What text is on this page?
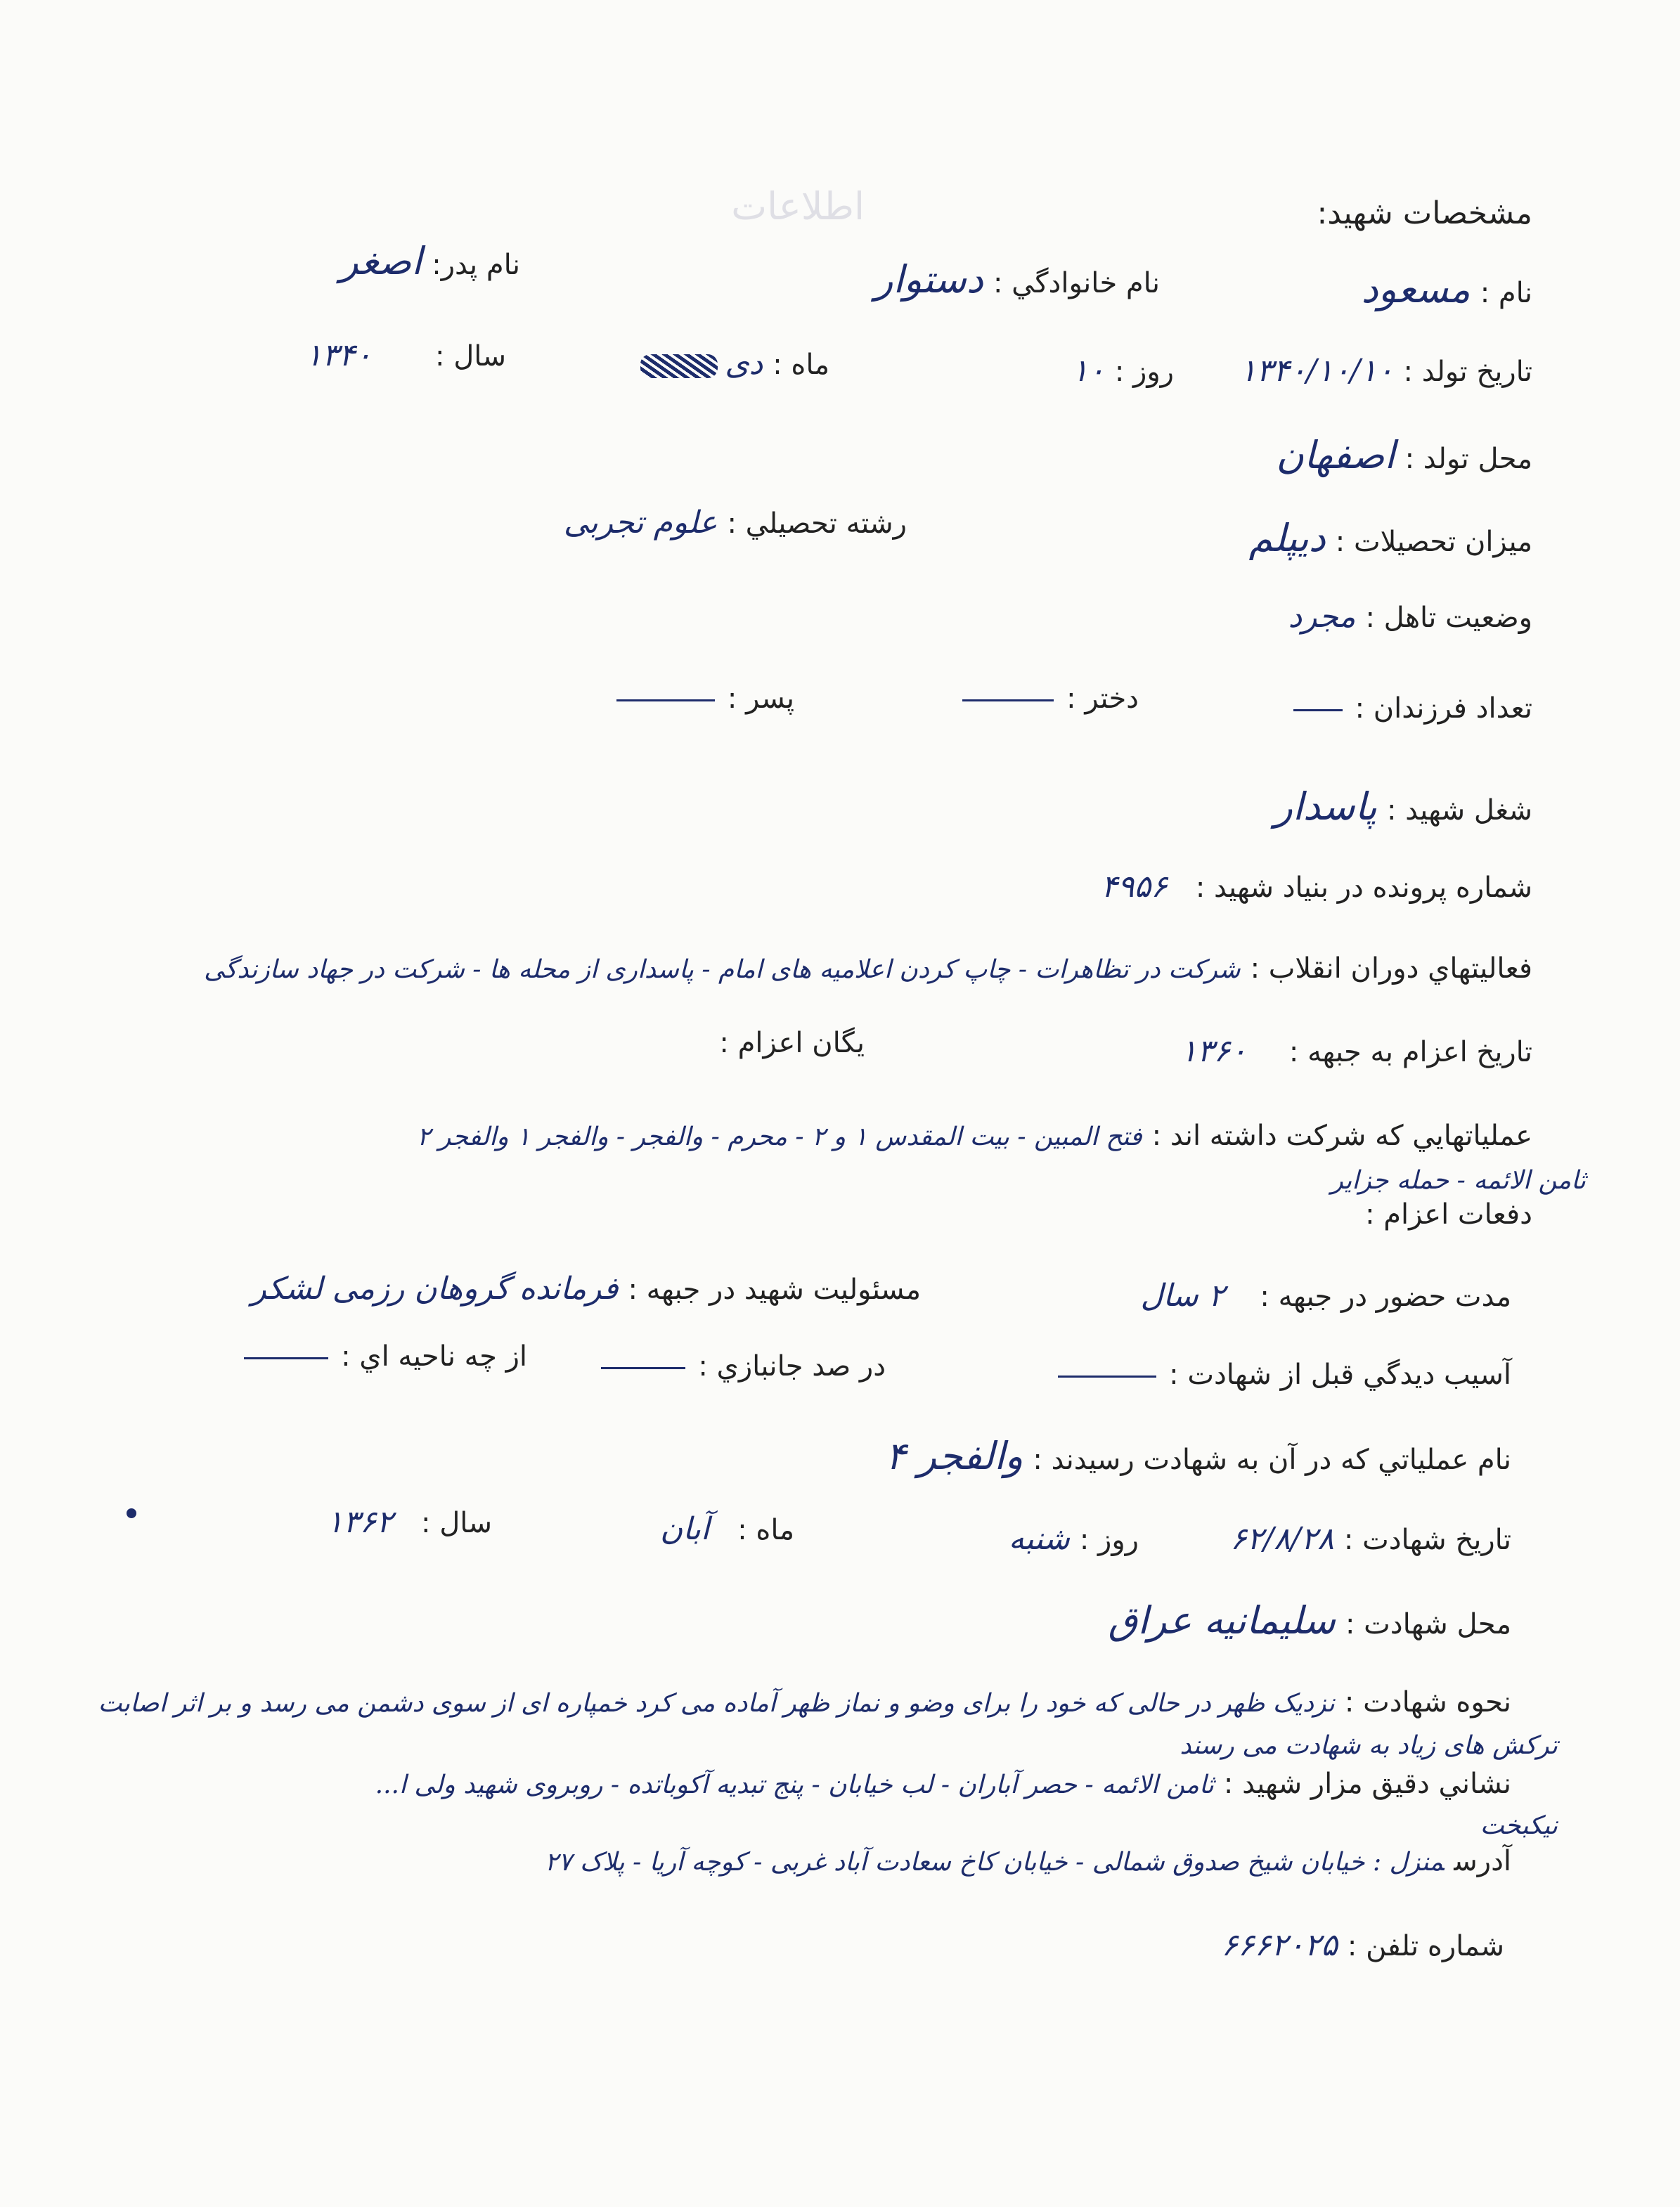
اطلاعات	مشخصات شهید:
نام :مسعود
نام خانوادگي :دستوار
نام پدر:اصغر
تاريخ تولد :۱۳۴۰/۱۰/۱۰
روز :۱۰
ماه :دی
سال :۱۳۴۰
محل تولد :اصفهان
ميزان تحصيلات :دیپلم
رشته تحصيلي :علوم تجربی
وضعيت تاهل :مجرد
تعداد فرزندان :
دختر :
پسر :
شغل شهيد :پاسدار
شماره پرونده در بنياد شهيد :۴۹۵۶
فعاليتهاي دوران انقلاب :شرکت در تظاهرات - چاپ کردن اعلامیه های امام - پاسداری از محله ها - شرکت در جهاد سازندگی
تاريخ اعزام به جبهه :۱۳۶۰
يگان اعزام :
عملياتهايي كه شركت داشته اند :فتح المبین - بیت المقدس ۱ و ۲ - محرم - والفجر - والفجر ۱ والفجر ۲
ثامن الائمه - حمله جزایر
دفعات اعزام :
مدت حضور در جبهه :۲ سال
مسئوليت شهيد در جبهه :فرمانده گروهان رزمی لشکر
آسيب ديدگي قبل از شهادت :
در صد جانبازي :
از چه ناحيه اي :
نام عملياتي كه در آن به شهادت رسيدند :والفجر ۴
تاريخ شهادت :۶۲/۸/۲۸
روز :شنبه
ماه :آبان
سال :۱۳۶۲
محل شهادت :سلیمانیه عراق
نحوه شهادت :نزدیک ظهر در حالی که خود را برای وضو و نماز ظهر آماده می کرد خمپاره ای از سوی دشمن می رسد و بر اثر اصابت
ترکش های زیاد به شهادت می رسند
نشاني دقيق مزار شهيد :ثامن الائمه - حصر آباران - لب خیابان - پنج تبدیه آکوباتده - روبروی شهید ولی ا...
نیکبخت
آدرسمنزل : خیابان شیخ صدوق شمالی - خیابان کاخ سعادت آباد غربی - کوچه آریا - پلاک ۲۷
شماره تلفن :۶۶۶۲۰۲۵
